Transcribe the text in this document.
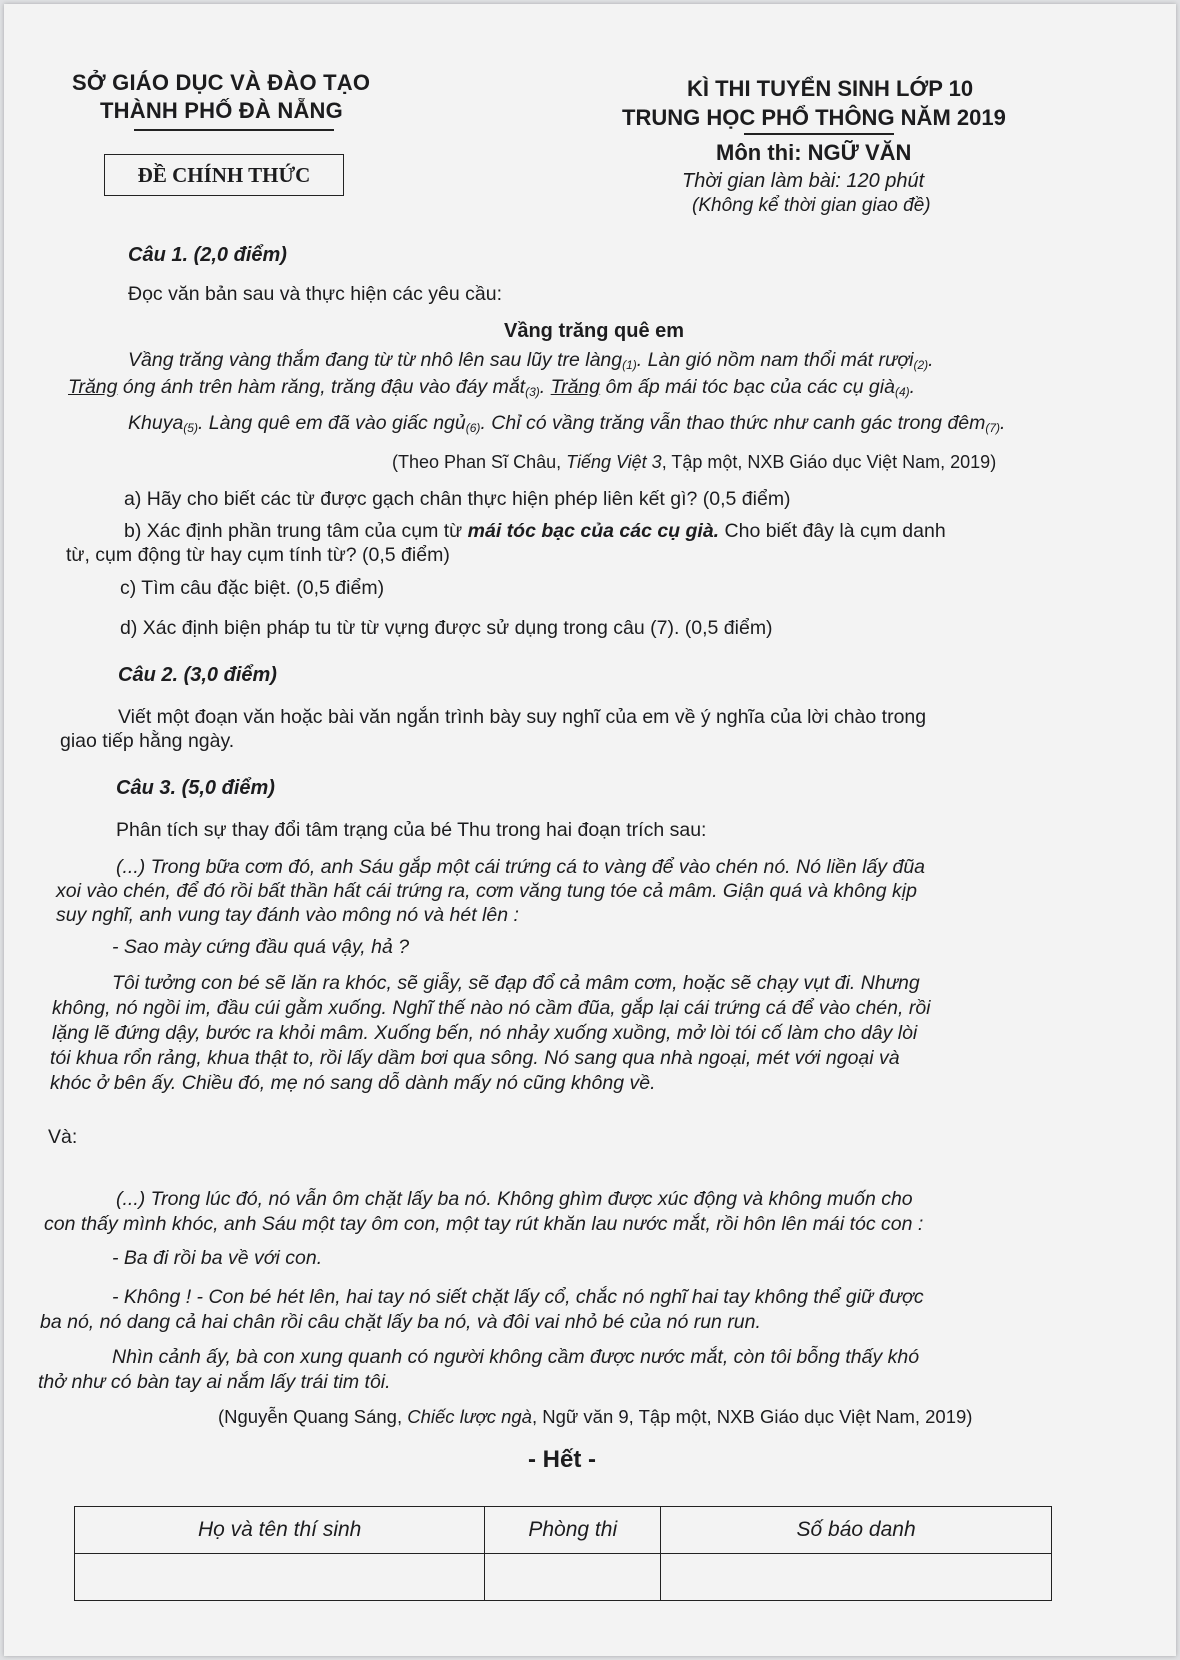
SỞ GIÁO DỤC VÀ ĐÀO TẠO
THÀNH PHỐ ĐÀ NẴNG
ĐỀ CHÍNH THỨC
KÌ THI TUYỂN SINH LỚP 10
TRUNG HỌC PHỔ THÔNG NĂM 2019
Môn thi: NGỮ VĂN
Thời gian làm bài: 120 phút
(Không kể thời gian giao đề)
Câu 1. (2,0 điểm)
Đọc văn bản sau và thực hiện các yêu cầu:
Vầng trăng quê em
Vầng trăng vàng thắm đang từ từ nhô lên sau lũy tre làng$_{(1)}$. Làn gió nồm nam thổi mát rượi$_{(2)}$.
Trăng óng ánh trên hàm răng, trăng đậu vào đáy mắt$_{(3)}$. Trăng ôm ấp mái tóc bạc của các cụ già$_{(4)}$.
Khuya$_{(5)}$. Làng quê em đã vào giấc ngủ$_{(6)}$. Chỉ có vầng trăng vẫn thao thức như canh gác trong đêm$_{(7)}$.
(Theo Phan Sĩ Châu, Tiếng Việt 3, Tập một, NXB Giáo dục Việt Nam, 2019)
a) Hãy cho biết các từ được gạch chân thực hiện phép liên kết gì? (0,5 điểm)
b) Xác định phần trung tâm của cụm từ mái tóc bạc của các cụ già. Cho biết đây là cụm danh
từ, cụm động từ hay cụm tính từ? (0,5 điểm)
c) Tìm câu đặc biệt. (0,5 điểm)
d) Xác định biện pháp tu từ từ vựng được sử dụng trong câu (7). (0,5 điểm)
Câu 2. (3,0 điểm)
Viết một đoạn văn hoặc bài văn ngắn trình bày suy nghĩ của em về ý nghĩa của lời chào trong
giao tiếp hằng ngày.
Câu 3. (5,0 điểm)
Phân tích sự thay đổi tâm trạng của bé Thu trong hai đoạn trích sau:
(...) Trong bữa cơm đó, anh Sáu gắp một cái trứng cá to vàng để vào chén nó. Nó liền lấy đũa
xoi vào chén, để đó rồi bất thần hất cái trứng ra, cơm văng tung tóe cả mâm. Giận quá và không kịp
suy nghĩ, anh vung tay đánh vào mông nó và hét lên :
- Sao mày cứng đầu quá vậy, hả ?
Tôi tưởng con bé sẽ lăn ra khóc, sẽ giẫy, sẽ đạp đổ cả mâm cơm, hoặc sẽ chạy vụt đi. Nhưng
không, nó ngồi im, đầu cúi gằm xuống. Nghĩ thế nào nó cầm đũa, gắp lại cái trứng cá để vào chén, rồi
lặng lẽ đứng dậy, bước ra khỏi mâm. Xuống bến, nó nhảy xuống xuồng, mở lòi tói cố làm cho dây lòi
tói khua rổn rảng, khua thật to, rồi lấy dầm bơi qua sông. Nó sang qua nhà ngoại, mét với ngoại và
khóc ở bên ấy. Chiều đó, mẹ nó sang dỗ dành mấy nó cũng không về.
Và:
(...) Trong lúc đó, nó vẫn ôm chặt lấy ba nó. Không ghìm được xúc động và không muốn cho
con thấy mình khóc, anh Sáu một tay ôm con, một tay rút khăn lau nước mắt, rồi hôn lên mái tóc con :
- Ba đi rồi ba về với con.
- Không ! - Con bé hét lên, hai tay nó siết chặt lấy cổ, chắc nó nghĩ hai tay không thể giữ được
ba nó, nó dang cả hai chân rồi câu chặt lấy ba nó, và đôi vai nhỏ bé của nó run run.
Nhìn cảnh ấy, bà con xung quanh có người không cầm được nước mắt, còn tôi bỗng thấy khó
thở như có bàn tay ai nắm lấy trái tim tôi.
(Nguyễn Quang Sáng, Chiếc lược ngà, Ngữ văn 9, Tập một, NXB Giáo dục Việt Nam, 2019)
- Hết -
Họ và tên thí sinh	Phòng thi	Số báo danh
